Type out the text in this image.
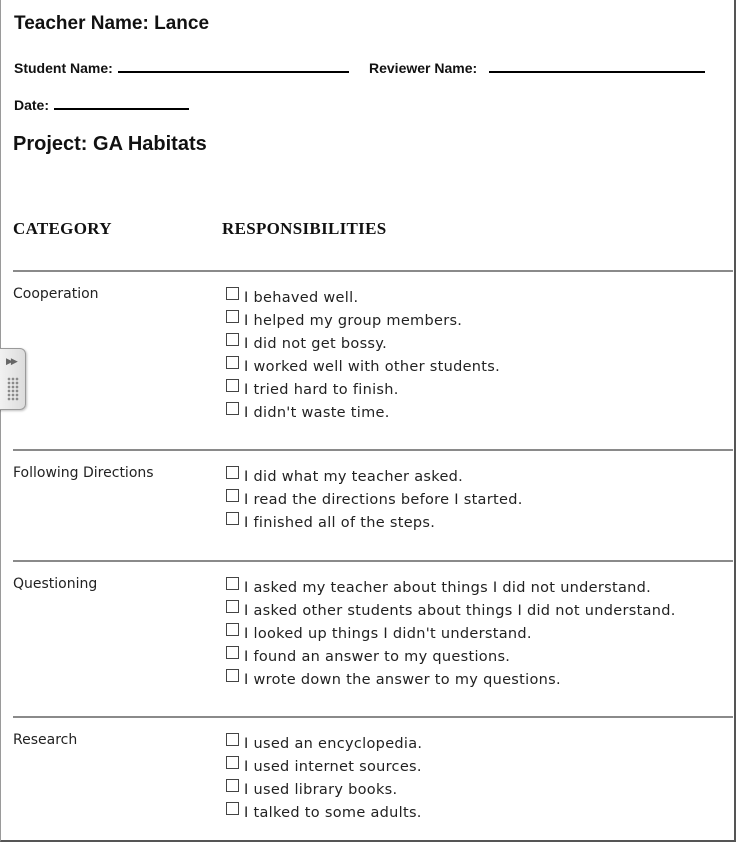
Teacher Name: Lance
Student Name:	Reviewer Name:
Date:
Project: GA Habitats
CATEGORY	RESPONSIBILITIES
Cooperation	I behaved well.
I helped my group members.
I did not get bossy.
I worked well with other students.
I tried hard to finish.
I didn't waste time.
Following Directions	I did what my teacher asked.
I read the directions before I started.
I finished all of the steps.
Questioning	I asked my teacher about things I did not understand.
I asked other students about things I did not understand.
I looked up things I didn't understand.
I found an answer to my questions.
I wrote down the answer to my questions.
Research	I used an encyclopedia.
I used internet sources.
I used library books.
I talked to some adults.
▶▶
